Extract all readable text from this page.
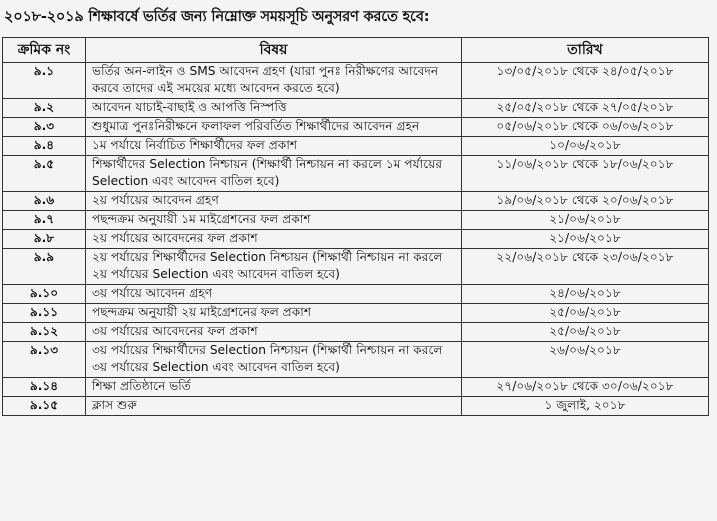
২০১৮-২০১৯ শিক্ষাবর্ষে ভর্তির জন্য নিম্নোক্ত সময়সূচি অনুসরণ করতে হবে:
ক্রমিক নং	বিষয়	তারিখ
৯.১	ভর্তির অন-লাইন ও SMS আবেদন গ্রহণ (যারা পুনঃ নিরীক্ষণের আবেদন করবে তাদের এই সময়ের মধ্যে আবেদন করতে হবে)	১৩/০৫/২০১৮ থেকে ২৪/০৫/২০১৮
৯.২	আবেদন যাচাই-বাছাই ও আপত্তি নিস্পত্তি	২৫/০৫/২০১৮ থেকে ২৭/০৫/২০১৮
৯.৩	শুধুমাত্র পুনঃনিরীক্ষনে ফলাফল পরিবর্তিত শিক্ষার্থীদের আবেদন গ্রহন	০৫/০৬/২০১৮ থেকে ০৬/০৬/২০১৮
৯.৪	১ম পর্যায়ে নির্বাচিত শিক্ষার্থীদের ফল প্রকাশ	১০/০৬/২০১৮
৯.৫	শিক্ষার্থীদের Selection নিশ্চায়ন (শিক্ষার্থী নিশ্চায়ন না করলে ১ম পর্যায়ের Selection এবং আবেদন বাতিল হবে)	১১/০৬/২০১৮ থেকে ১৮/০৬/২০১৮
৯.৬	২য় পর্যায়ের আবেদন গ্রহণ	১৯/০৬/২০১৮ থেকে ২০/০৬/২০১৮
৯.৭	পছন্দক্রম অনুযায়ী ১ম মাইগ্রেশনের ফল প্রকাশ	২১/০৬/২০১৮
৯.৮	২য় পর্যায়ের আবেদনের ফল প্রকাশ	২১/০৬/২০১৮
৯.৯	২য় পর্যায়ের শিক্ষার্থীদের Selection নিশ্চায়ন (শিক্ষার্থী নিশ্চায়ন না করলে ২য় পর্যায়ের Selection এবং আবেদন বাতিল হবে)	২২/০৬/২০১৮ থেকে ২৩/০৬/২০১৮
৯.১০	৩য় পর্যায়ে আবেদন গ্রহণ	২৪/০৬/২০১৮
৯.১১	পছন্দক্রম অনুযায়ী ২য় মাইগ্রেশনের ফল প্রকাশ	২৫/০৬/২০১৮
৯.১২	৩য় পর্যায়ের আবেদনের ফল প্রকাশ	২৫/০৬/২০১৮
৯.১৩	৩য় পর্যায়ের শিক্ষার্থীদের Selection নিশ্চায়ন (শিক্ষার্থী নিশ্চায়ন না করলে ৩য় পর্যায়ের Selection এবং আবেদন বাতিল হবে)	২৬/০৬/২০১৮
৯.১৪	শিক্ষা প্রতিষ্ঠানে ভর্তি	২৭/০৬/২০১৮ থেকে ৩০/০৬/২০১৮
৯.১৫	ক্লাস শুরু	১ জুলাই, ২০১৮
